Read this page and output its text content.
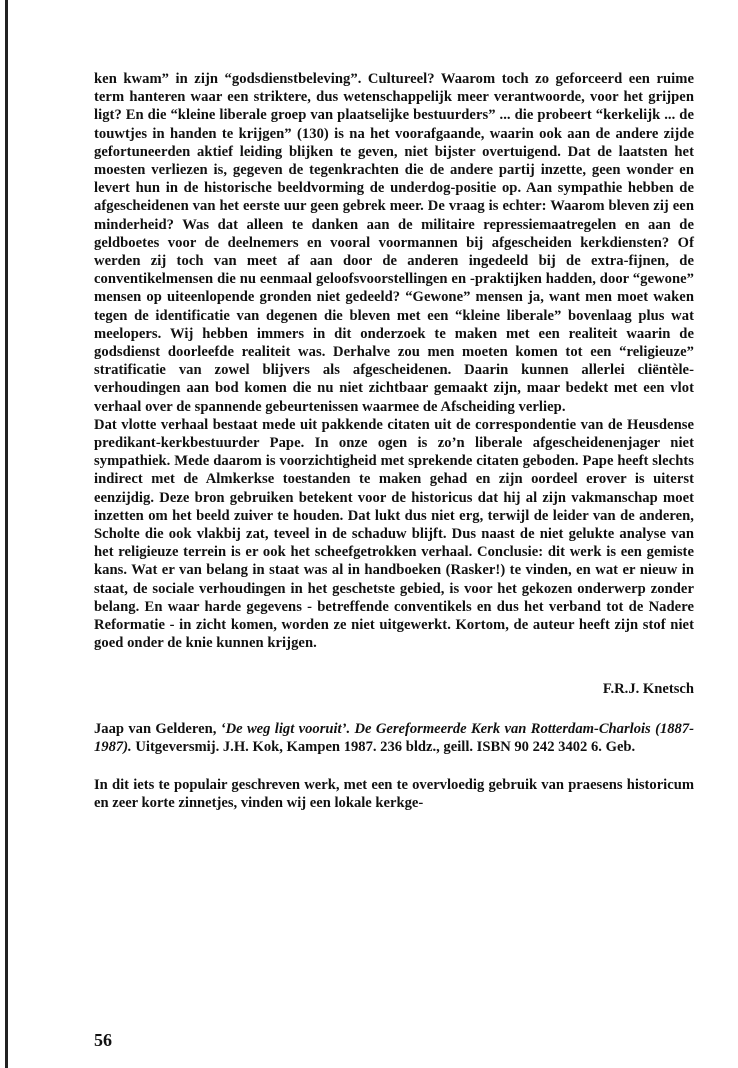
ken kwam” in zijn “godsdienstbeleving”. Cultureel? Waarom toch zo geforceerd een ruime term hanteren waar een striktere, dus wetenschappelijk meer verantwoorde, voor het grijpen ligt? En die “kleine liberale groep van plaatselijke bestuurders” ... die probeert “kerkelijk ... de touwtjes in handen te krijgen” (130) is na het voorafgaande, waarin ook aan de andere zijde gefortuneerden aktief leiding blijken te geven, niet bijster overtuigend. Dat de laatsten het moesten verliezen is, gegeven de tegenkrachten die de andere partij inzette, geen wonder en levert hun in de historische beeldvorming de underdog-positie op. Aan sympathie hebben de afgescheidenen van het eerste uur geen gebrek meer. De vraag is echter: Waarom bleven zij een minderheid? Was dat alleen te danken aan de militaire repressiemaatregelen en aan de geldboetes voor de deelnemers en vooral voormannen bij afgescheiden kerkdiensten? Of werden zij toch van meet af aan door de anderen ingedeeld bij de extra-fijnen, de conventikelmensen die nu eenmaal geloofsvoorstellingen en -praktijken hadden, door “gewone” mensen op uiteenlopende gronden niet gedeeld? “Gewone” mensen ja, want men moet waken tegen de identificatie van degenen die bleven met een “kleine liberale” bovenlaag plus wat meelopers. Wij hebben immers in dit onderzoek te maken met een realiteit waarin de godsdienst doorleefde realiteit was. Derhalve zou men moeten komen tot een “religieuze” stratificatie van zowel blijvers als afgescheidenen. Daarin kunnen allerlei cliëntèle-verhoudingen aan bod komen die nu niet zichtbaar gemaakt zijn, maar bedekt met een vlot verhaal over de spannende gebeurtenissen waarmee de Afscheiding verliep.

Dat vlotte verhaal bestaat mede uit pakkende citaten uit de correspondentie van de Heusdense predikant-kerkbestuurder Pape. In onze ogen is zo’n liberale afgescheidenenjager niet sympathiek. Mede daarom is voorzichtigheid met sprekende citaten geboden. Pape heeft slechts indirect met de Almkerkse toestanden te maken gehad en zijn oordeel erover is uiterst eenzijdig. Deze bron gebruiken betekent voor de historicus dat hij al zijn vakmanschap moet inzetten om het beeld zuiver te houden. Dat lukt dus niet erg, terwijl de leider van de anderen, Scholte die ook vlakbij zat, teveel in de schaduw blijft. Dus naast de niet gelukte analyse van het religieuze terrein is er ook het scheefgetrokken verhaal. Conclusie: dit werk is een gemiste kans. Wat er van belang in staat was al in handboeken (Rasker!) te vinden, en wat er nieuw in staat, de sociale verhoudingen in het geschetste gebied, is voor het gekozen onderwerp zonder belang. En waar harde gegevens - betreffende conventikels en dus het verband tot de Nadere Reformatie - in zicht komen, worden ze niet uitgewerkt. Kortom, de auteur heeft zijn stof niet goed onder de knie kunnen krijgen.

F.R.J. Knetsch
Jaap van Gelderen, ‘De weg ligt vooruit’. De Gereformeerde Kerk van Rotterdam-Charlois (1887-1987). Uitgeversmij. J.H. Kok, Kampen 1987. 236 bldz., geill. ISBN 90 242 3402 6. Geb.

In dit iets te populair geschreven werk, met een te overvloedig gebruik van praesens historicum en zeer korte zinnetjes, vinden wij een lokale kerkge-

56
